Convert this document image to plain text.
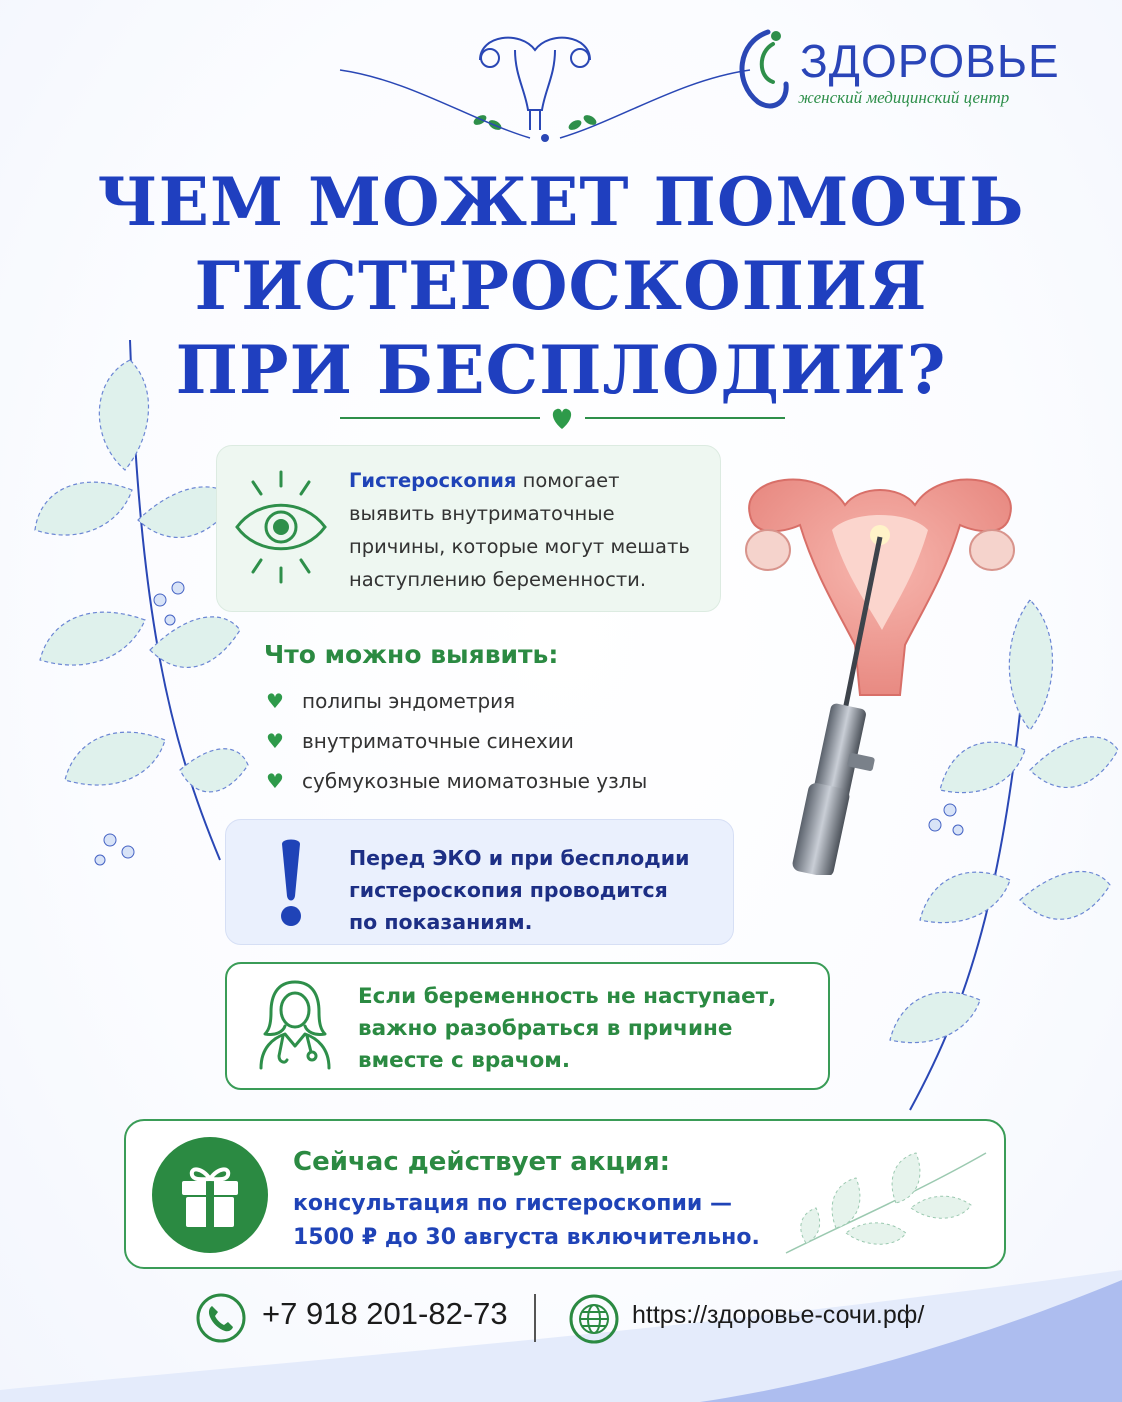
ЗДОРОВЬЕ
женский медицинский центр
ЧЕМ МОЖЕТ ПОМОЧЬ
ГИСТЕРОСКОПИЯ
ПРИ БЕСПЛОДИИ?
Гистероскопия помогает выявить внутриматочные причины, которые могут мешать наступлению беременности.
Что можно выявить:
♥ полипы эндометрия
♥ внутриматочные синехии
♥ субмукозные миоматозные узлы
Перед ЭКО и при бесплодии
гистероскопия проводится
по показаниям.
Если беременность не наступает,
важно разобраться в причине
вместе с врачом.
Сейчас действует акция:
консультация по гистероскопии —
1500 ₽ до 30 августа включительно.
+7 918 201-82-73	https://здоровье-сочи.рф/
